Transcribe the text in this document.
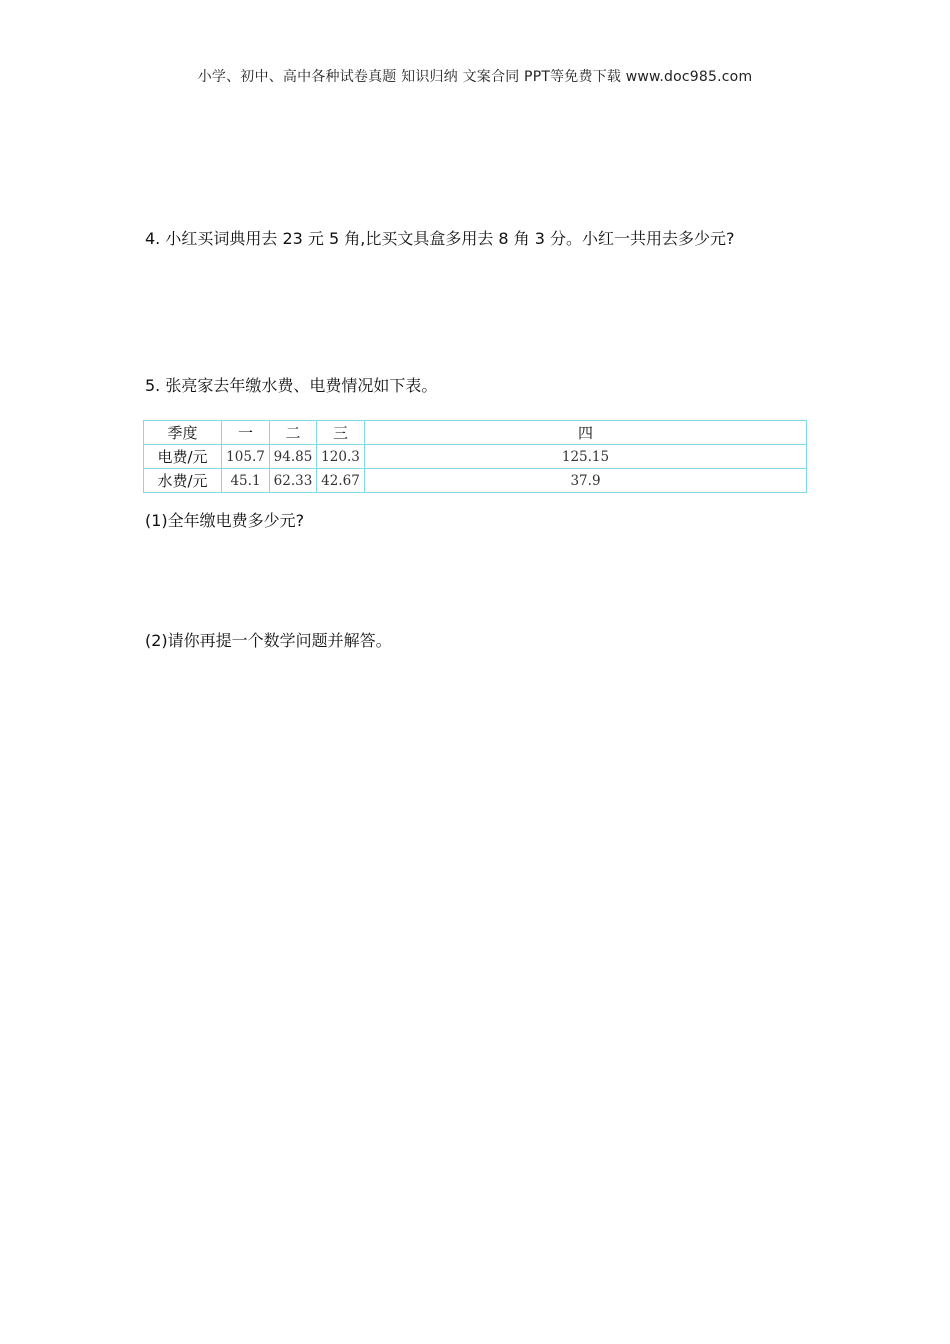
小学、初中、高中各种试卷真题 知识归纳 文案合同 PPT等免费下载 www.doc985.com
4. 小红买词典用去 23 元 5 角,比买文具盒多用去 8 角 3 分。小红一共用去多少元?
5. 张亮家去年缴水费、电费情况如下表。
季度	一	二	三	四
电费/元	105.7	94.85	120.3	125.15
水费/元	45.1	62.33	42.67	37.9
(1)全年缴电费多少元?
(2)请你再提一个数学问题并解答。
